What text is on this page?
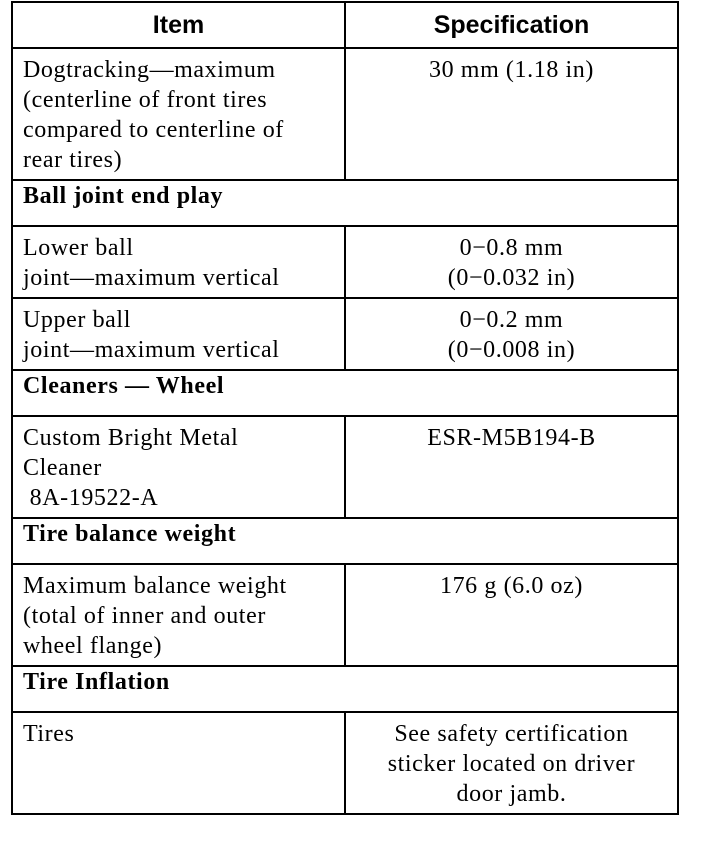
Item	Specification

Dogtracking—maximum
(centerline of front tires
compared to centerline of
rear tires)	30 mm (1.18 in)

Ball joint end play	

Lower ball
joint—maximum vertical	0−0.8 mm
(0−0.032 in)

Upper ball
joint—maximum vertical	0−0.2 mm
(0−0.008 in)

Cleaners — Wheel	

Custom Bright Metal
Cleaner
8A-19522-A	ESR-M5B194-B

Tire balance weight	

Maximum balance weight
(total of inner and outer
wheel flange)	176 g (6.0 oz)

Tire Inflation	

Tires	See safety certification
sticker located on driver
door jamb.
